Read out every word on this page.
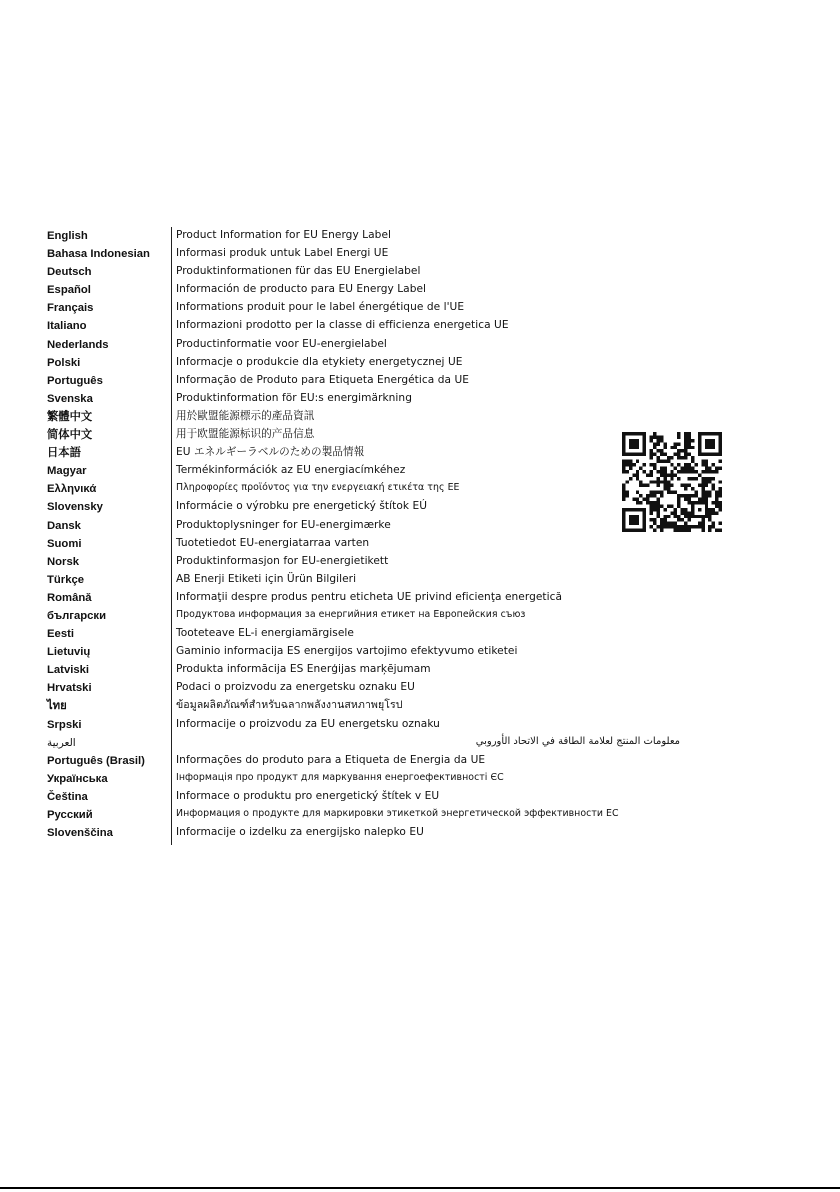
English	Product Information for EU Energy Label
Bahasa Indonesian	Informasi produk untuk Label Energi UE
Deutsch	Produktinformationen für das EU Energielabel
Español	Información de producto para EU Energy Label
Français	Informations produit pour le label énergétique de l'UE
Italiano	Informazioni prodotto per la classe di efficienza energetica UE
Nederlands	Productinformatie voor EU-energielabel
Polski	Informacje o produkcie dla etykiety energetycznej UE
Português	Informação de Produto para Etiqueta Energética da UE
Svenska	Produktinformation för EU:s energimärkning
繁體中文	用於歐盟能源標示的產品資訊
简体中文	用于欧盟能源标识的产品信息
日本語	EU エネルギーラベルのための製品情報
Magyar	Termékinformációk az EU energiacímkéhez
Ελληνικά	Πληροφορίες προϊόντος για την ενεργειακή ετικέτα της ΕΕ
Slovensky	Informácie o výrobku pre energetický štítok EÚ
Dansk	Produktoplysninger for EU-energimærke
Suomi	Tuotetiedot EU-energiatarraa varten
Norsk	Produktinformasjon for EU-energietikett
Türkçe	AB Enerji Etiketi için Ürün Bilgileri
Română	Informaţii despre produs pentru eticheta UE privind eficienţa energetică
български	Продуктова информация за енергийния етикет на Европейския съюз
Eesti	Tooteteave EL-i energiamärgisele
Lietuvių	Gaminio informacija ES energijos vartojimo efektyvumo etiketei
Latviski	Produkta informācija ES Enerģijas marķējumam
Hrvatski	Podaci o proizvodu za energetsku oznaku EU
ไทย	ข้อมูลผลิตภัณฑ์สำหรับฉลากพลังงานสหภาพยุโรป
Srpski	Informacije o proizvodu za EU energetsku oznaku
العربية	معلومات المنتج لعلامة الطاقة في الاتحاد الأوروبي
Português (Brasil)	Informações do produto para a Etiqueta de Energia da UE
Українська	Інформація про продукт для маркування енергоефективності ЄС
Čeština	Informace o produktu pro energetický štítek v EU
Русский	Информация о продукте для маркировки этикеткой энергетической эффективности ЕС
Slovenščina	Informacije o izdelku za energijsko nalepko EU
